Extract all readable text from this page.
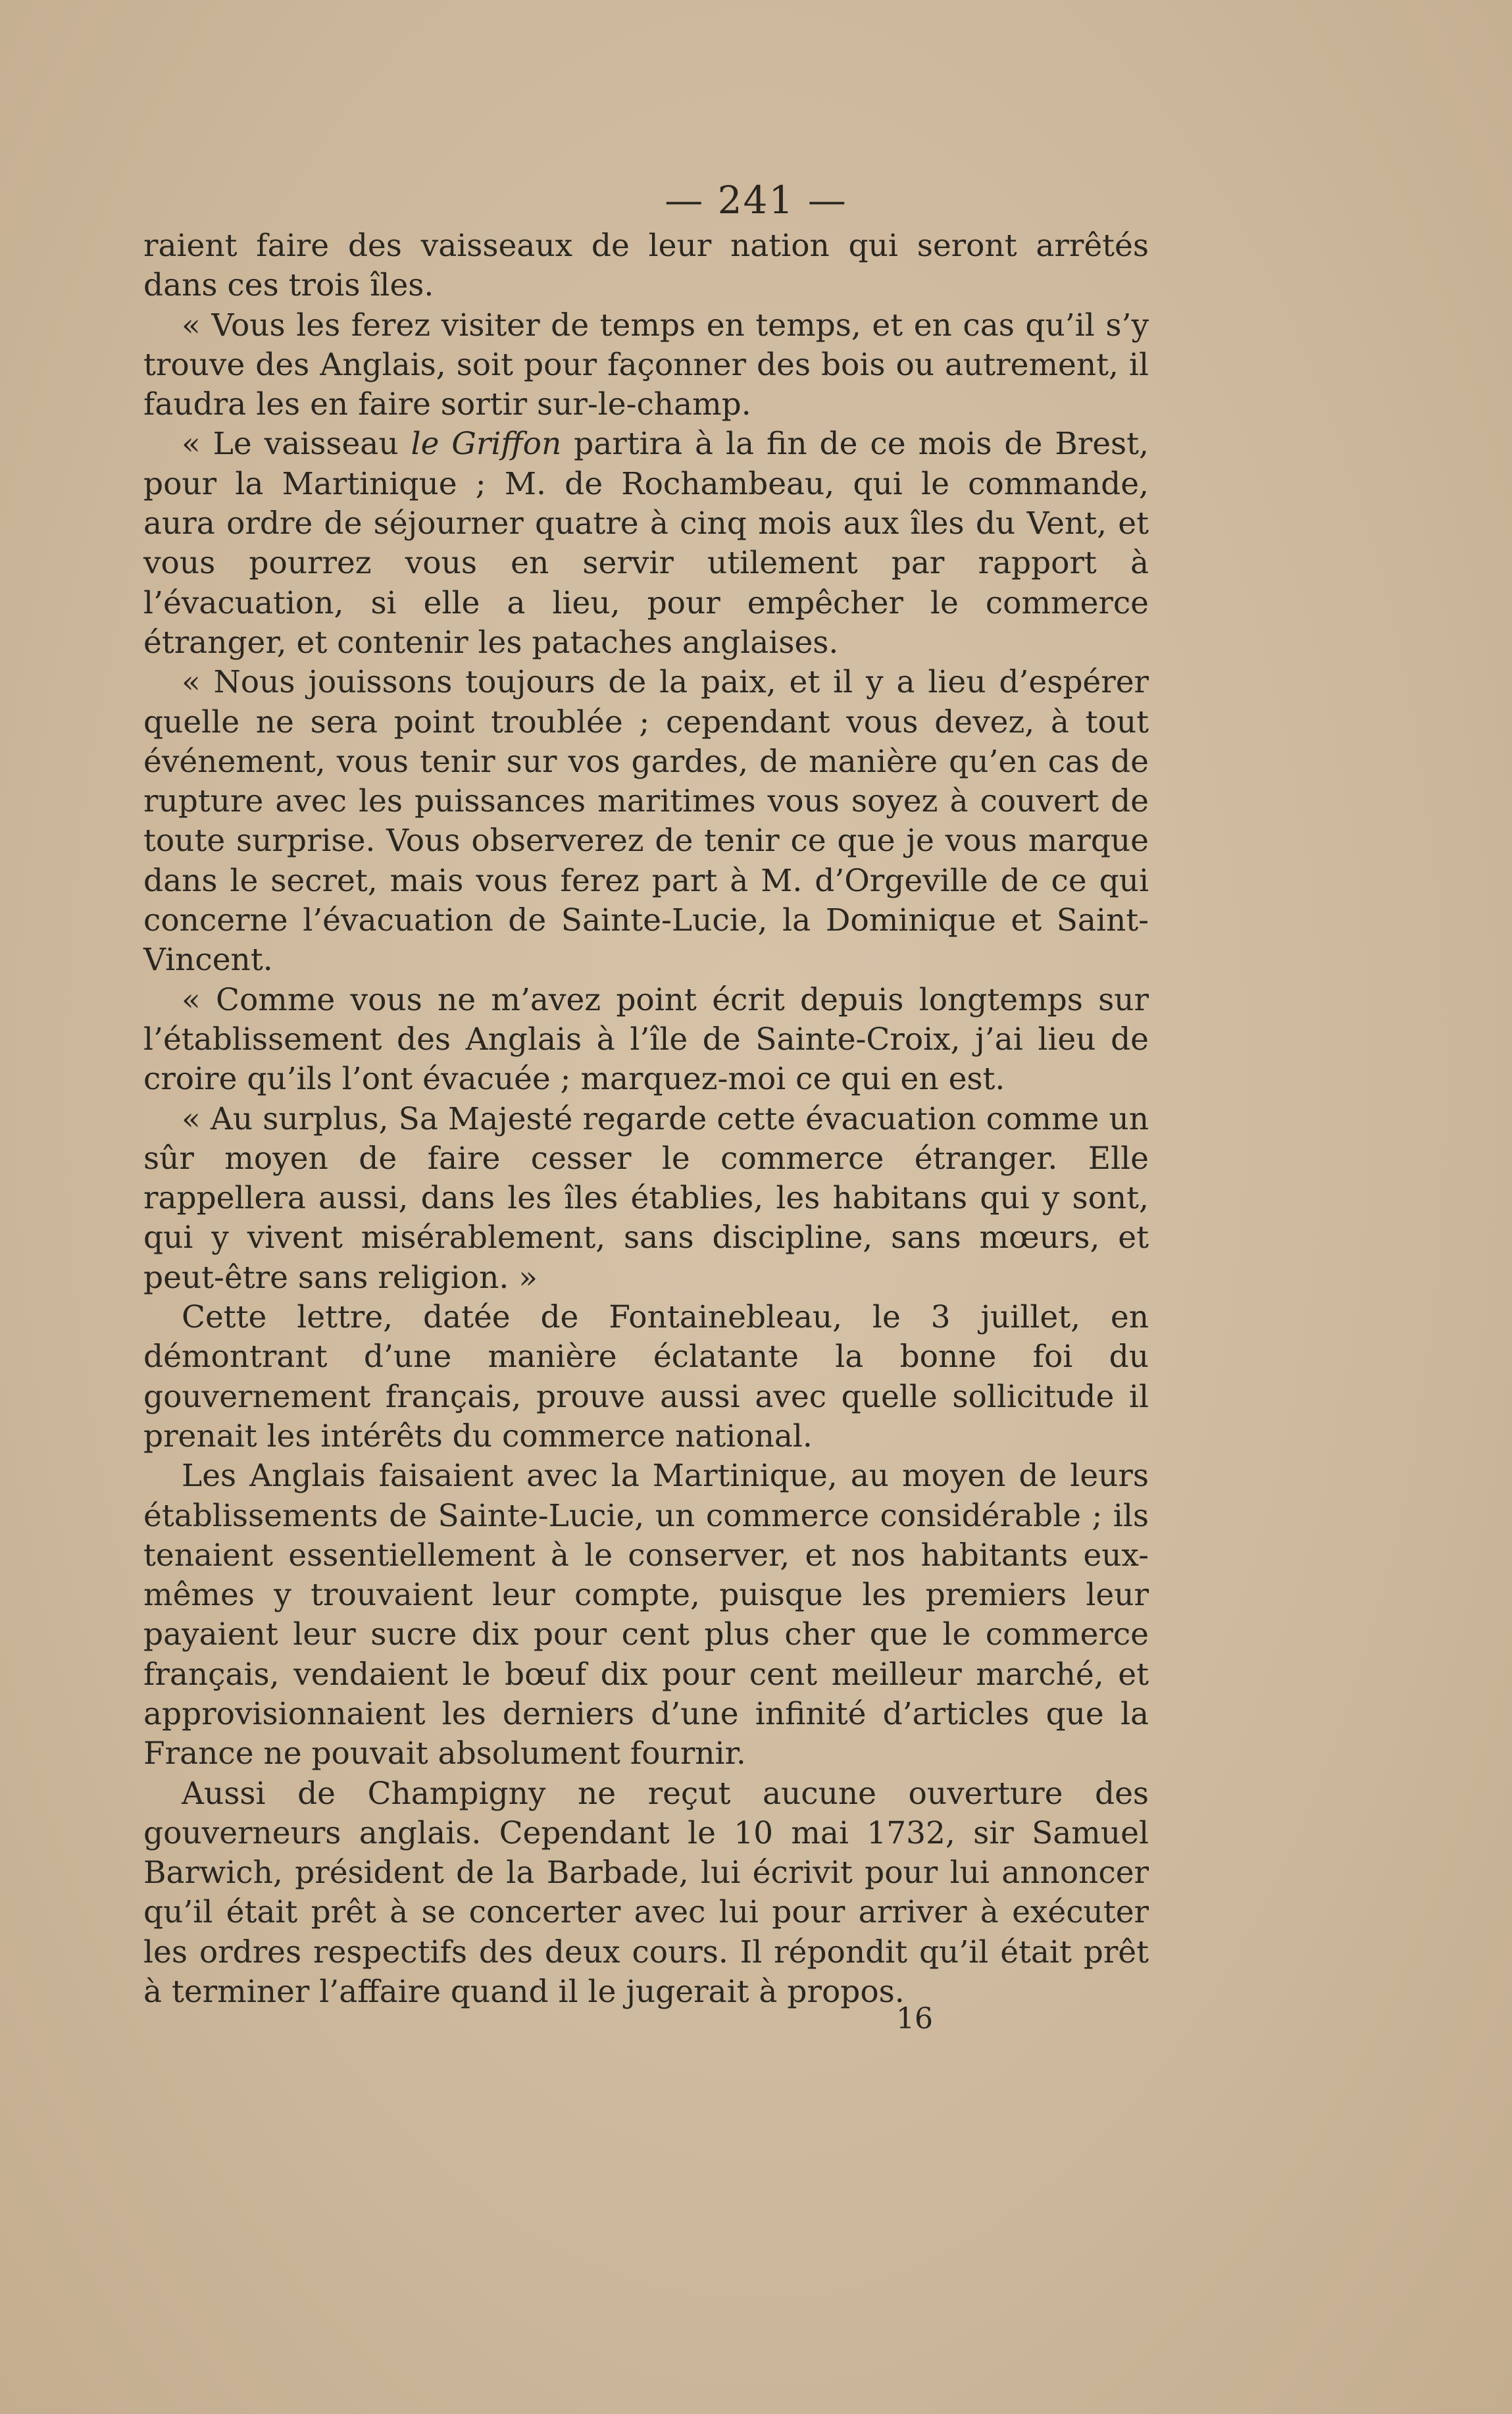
— 241 —

raient faire des vaisseaux de leur nation qui seront arrêtés dans ces trois îles.

« Vous les ferez visiter de temps en temps, et en cas qu’il s’y trouve des Anglais, soit pour façonner des bois ou autrement, il faudra les en faire sortir sur-le-champ.

« Le vaisseau le Griffon partira à la fin de ce mois de Brest, pour la Martinique ; M. de Rochambeau, qui le commande, aura ordre de séjourner quatre à cinq mois aux îles du Vent, et vous pourrez vous en servir utilement par rapport à l’évacuation, si elle a lieu, pour empêcher le commerce étranger, et contenir les pataches anglaises.

« Nous jouissons toujours de la paix, et il y a lieu d’espérer quelle ne sera point troublée ; cependant vous devez, à tout événement, vous tenir sur vos gardes, de manière qu’en cas de rupture avec les puissances maritimes vous soyez à couvert de toute surprise. Vous observerez de tenir ce que je vous marque dans le secret, mais vous ferez part à M. d’Orgeville de ce qui concerne l’évacuation de Sainte-Lucie, la Dominique et Saint-Vincent.

« Comme vous ne m’avez point écrit depuis longtemps sur l’établissement des Anglais à l’île de Sainte-Croix, j’ai lieu de croire qu’ils l’ont évacuée ; marquez-moi ce qui en est.

« Au surplus, Sa Majesté regarde cette évacuation comme un sûr moyen de faire cesser le commerce étranger. Elle rappellera aussi, dans les îles établies, les habitans qui y sont, qui y vivent misérablement, sans discipline, sans mœurs, et peut-être sans religion. »

Cette lettre, datée de Fontainebleau, le 3 juillet, en démontrant d’une manière éclatante la bonne foi du gouvernement français, prouve aussi avec quelle sollicitude il prenait les intérêts du commerce national.

Les Anglais faisaient avec la Martinique, au moyen de leurs établissements de Sainte-Lucie, un commerce considérable ; ils tenaient essentiellement à le conserver, et nos habitants eux-mêmes y trouvaient leur compte, puisque les premiers leur payaient leur sucre dix pour cent plus cher que le commerce français, vendaient le bœuf dix pour cent meilleur marché, et approvisionnaient les derniers d’une infinité d’articles que la France ne pouvait absolument fournir.

Aussi de Champigny ne reçut aucune ouverture des gouverneurs anglais. Cependant le 10 mai 1732, sir Samuel Barwich, président de la Barbade, lui écrivit pour lui annoncer qu’il était prêt à se concerter avec lui pour arriver à exécuter les ordres respectifs des deux cours. Il répondit qu’il était prêt à terminer l’affaire quand il le jugerait à propos.

16
